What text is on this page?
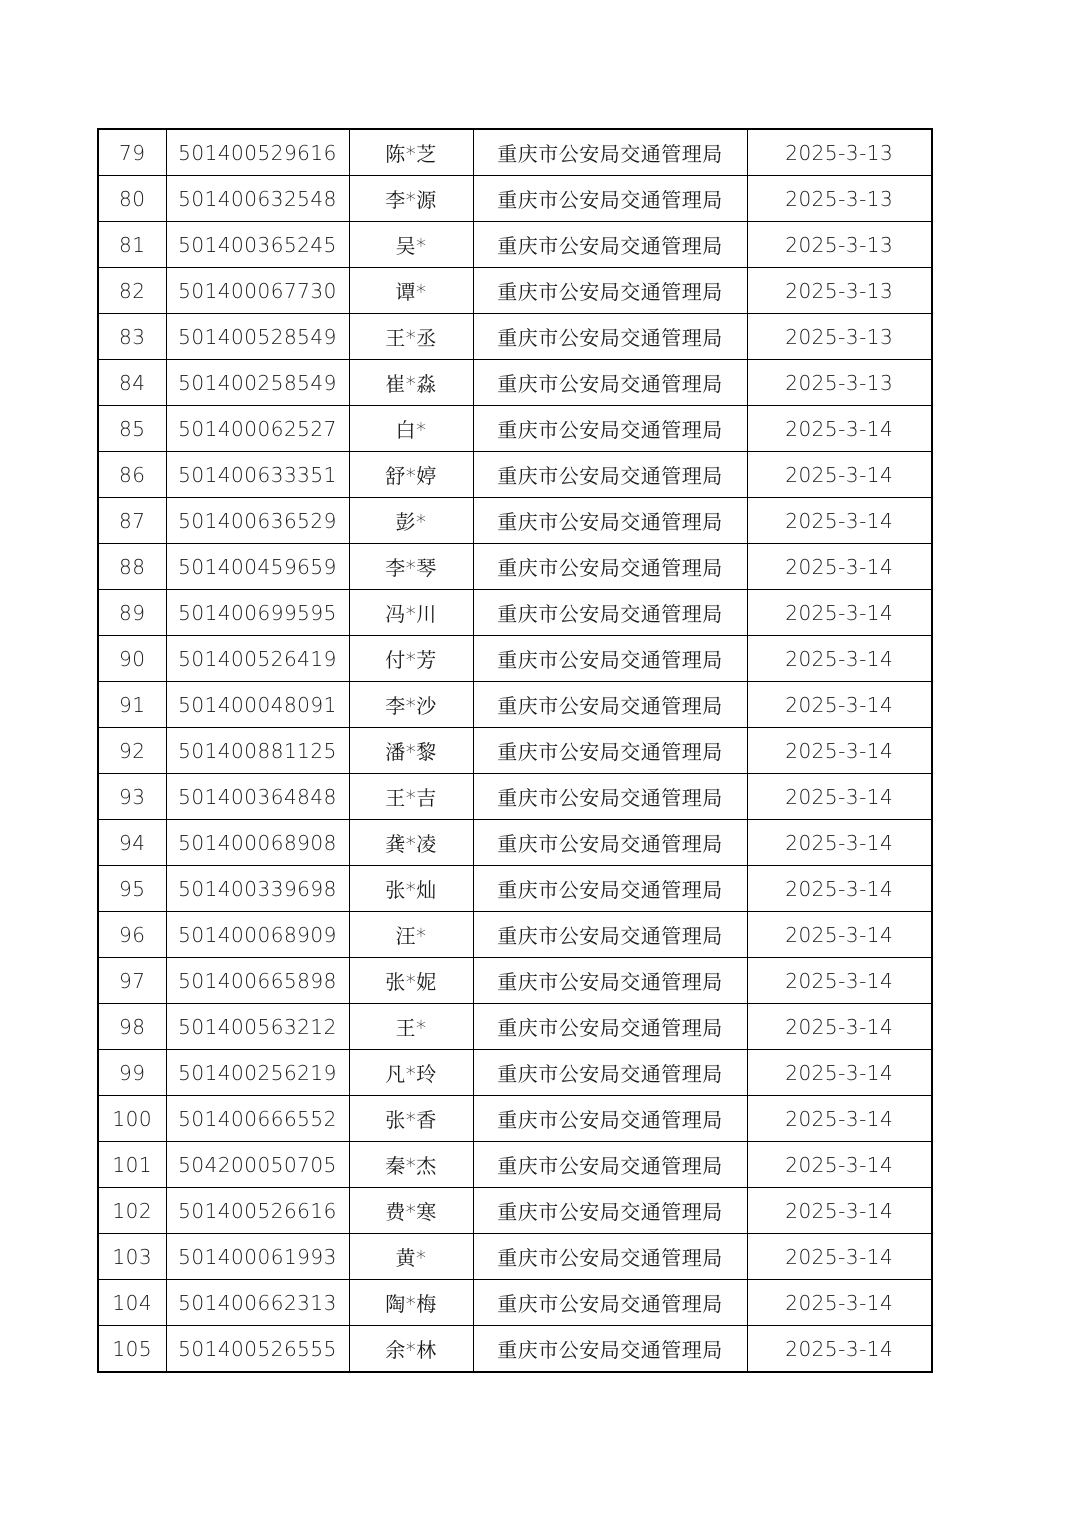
79	501400529616	陈*芝	重庆市公安局交通管理局	2025-3-13
80	501400632548	李*源	重庆市公安局交通管理局	2025-3-13
81	501400365245	吴*	重庆市公安局交通管理局	2025-3-13
82	501400067730	谭*	重庆市公安局交通管理局	2025-3-13
83	501400528549	王*丞	重庆市公安局交通管理局	2025-3-13
84	501400258549	崔*淼	重庆市公安局交通管理局	2025-3-13
85	501400062527	白*	重庆市公安局交通管理局	2025-3-14
86	501400633351	舒*婷	重庆市公安局交通管理局	2025-3-14
87	501400636529	彭*	重庆市公安局交通管理局	2025-3-14
88	501400459659	李*琴	重庆市公安局交通管理局	2025-3-14
89	501400699595	冯*川	重庆市公安局交通管理局	2025-3-14
90	501400526419	付*芳	重庆市公安局交通管理局	2025-3-14
91	501400048091	李*沙	重庆市公安局交通管理局	2025-3-14
92	501400881125	潘*黎	重庆市公安局交通管理局	2025-3-14
93	501400364848	王*吉	重庆市公安局交通管理局	2025-3-14
94	501400068908	龚*凌	重庆市公安局交通管理局	2025-3-14
95	501400339698	张*灿	重庆市公安局交通管理局	2025-3-14
96	501400068909	汪*	重庆市公安局交通管理局	2025-3-14
97	501400665898	张*妮	重庆市公安局交通管理局	2025-3-14
98	501400563212	王*	重庆市公安局交通管理局	2025-3-14
99	501400256219	凡*玲	重庆市公安局交通管理局	2025-3-14
100	501400666552	张*香	重庆市公安局交通管理局	2025-3-14
101	504200050705	秦*杰	重庆市公安局交通管理局	2025-3-14
102	501400526616	费*寒	重庆市公安局交通管理局	2025-3-14
103	501400061993	黄*	重庆市公安局交通管理局	2025-3-14
104	501400662313	陶*梅	重庆市公安局交通管理局	2025-3-14
105	501400526555	余*林	重庆市公安局交通管理局	2025-3-14
